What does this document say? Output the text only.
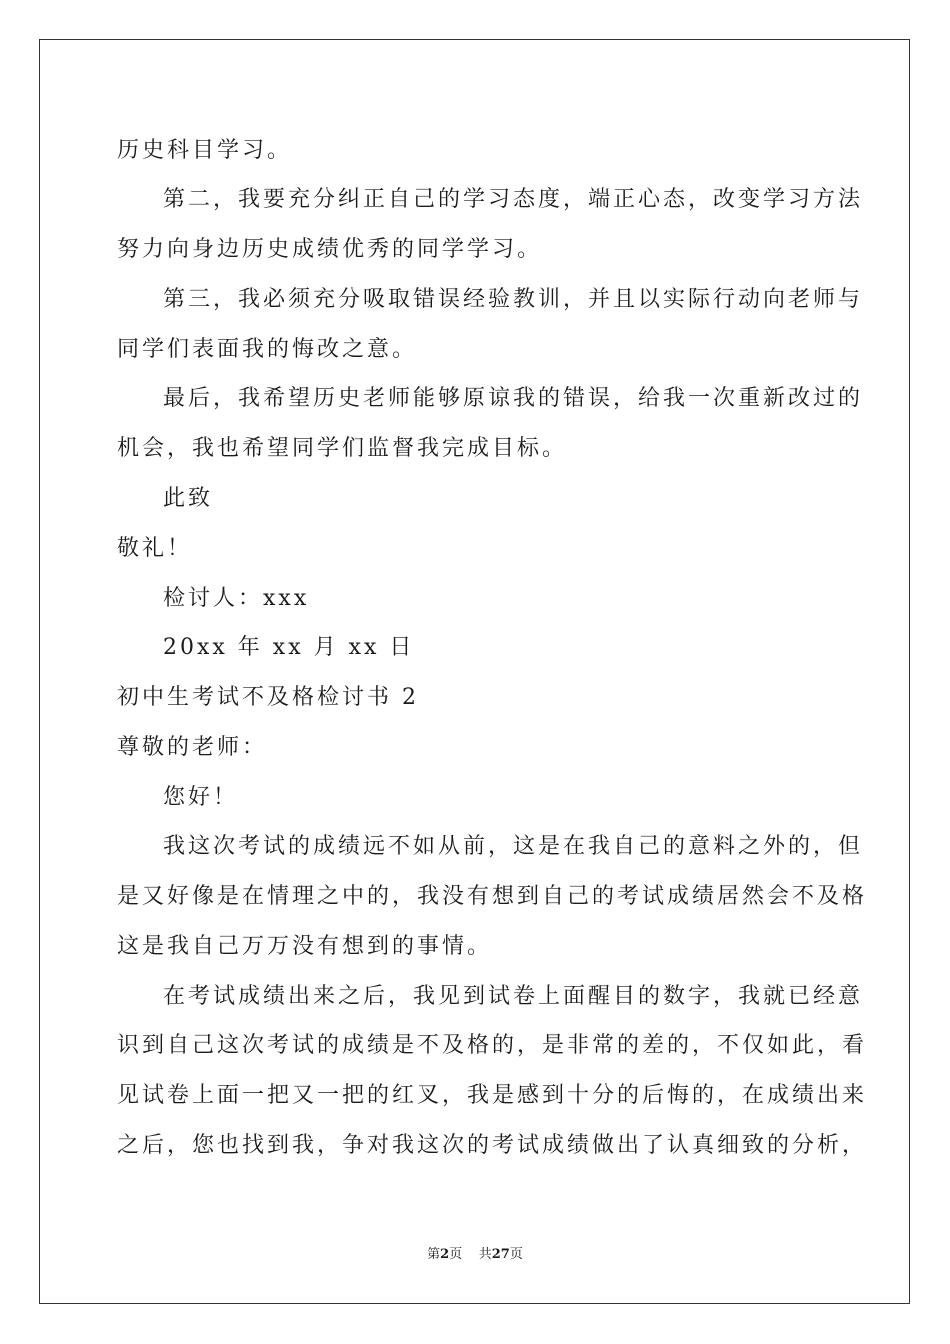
历史科目学习。
第二，我要充分纠正自己的学习态度，端正心态，改变学习方法
努力向身边历史成绩优秀的同学学习。
第三，我必须充分吸取错误经验教训，并且以实际行动向老师与
同学们表面我的悔改之意。
最后，我希望历史老师能够原谅我的错误，给我一次重新改过的
机会，我也希望同学们监督我完成目标。
此致
敬礼！
检讨人：xxx
20xx 年 xx 月 xx 日
初中生考试不及格检讨书 2
尊敬的老师：
您好！
我这次考试的成绩远不如从前，这是在我自己的意料之外的，但
是又好像是在情理之中的，我没有想到自己的考试成绩居然会不及格
这是我自己万万没有想到的事情。
在考试成绩出来之后，我见到试卷上面醒目的数字，我就已经意
识到自己这次考试的成绩是不及格的，是非常的差的，不仅如此，看
见试卷上面一把又一把的红叉，我是感到十分的后悔的，在成绩出来
之后，您也找到我，争对我这次的考试成绩做出了认真细致的分析，
第2页 共27页
